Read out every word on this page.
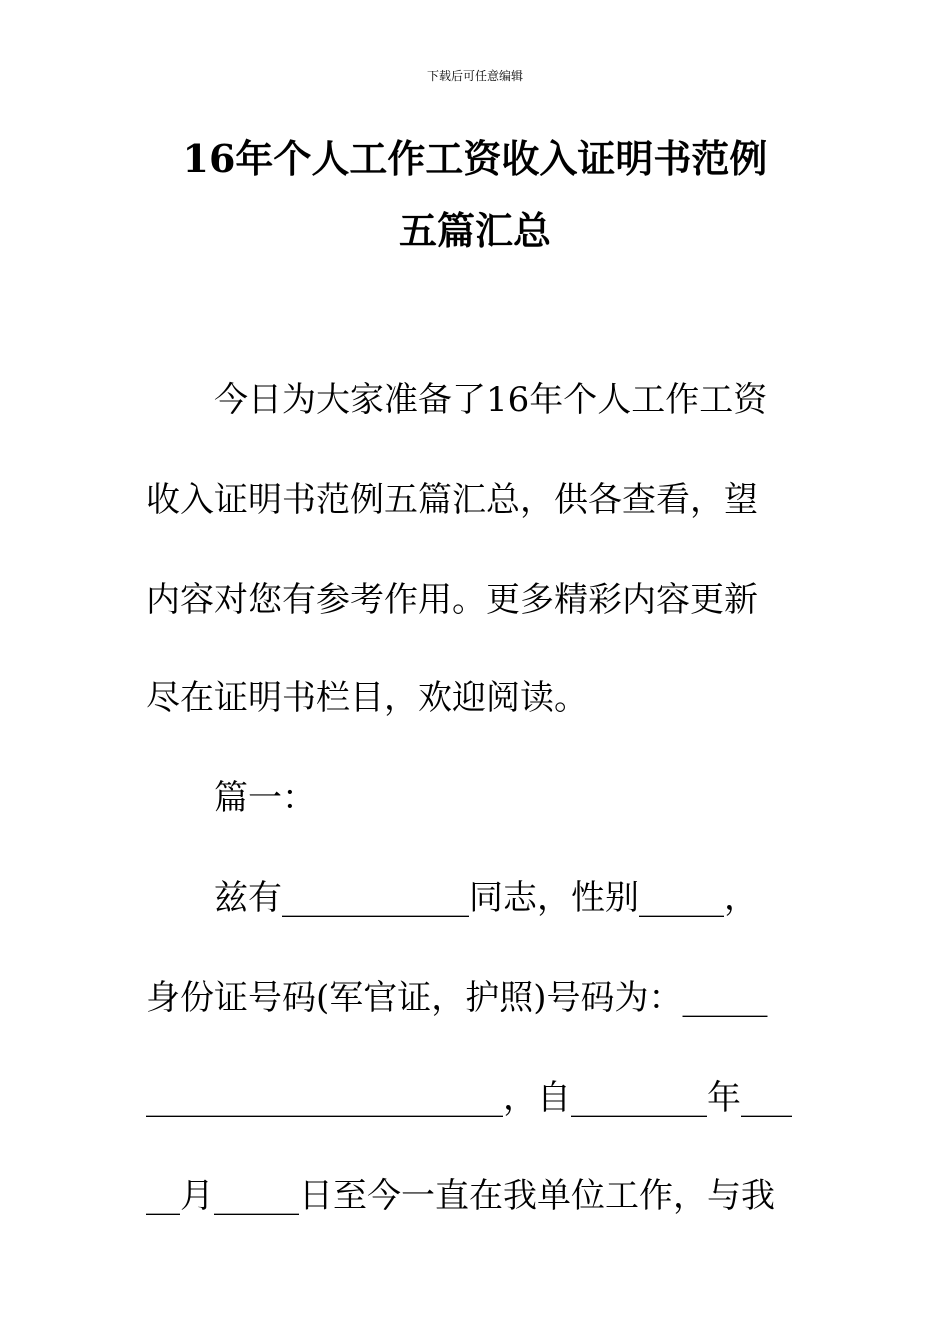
下载后可任意编辑
16年个人工作工资收入证明书范例
五篇汇总
今日为大家准备了16年个人工作工资
收入证明书范例五篇汇总，供各查看，望
内容对您有参考作用。更多精彩内容更新
尽在证明书栏目，欢迎阅读。
篇一：
兹有___________同志，性别_____，
身份证号码(军官证，护照)号码为：_____
_____________________，自________年___
__月_____日至今一直在我单位工作，与我
